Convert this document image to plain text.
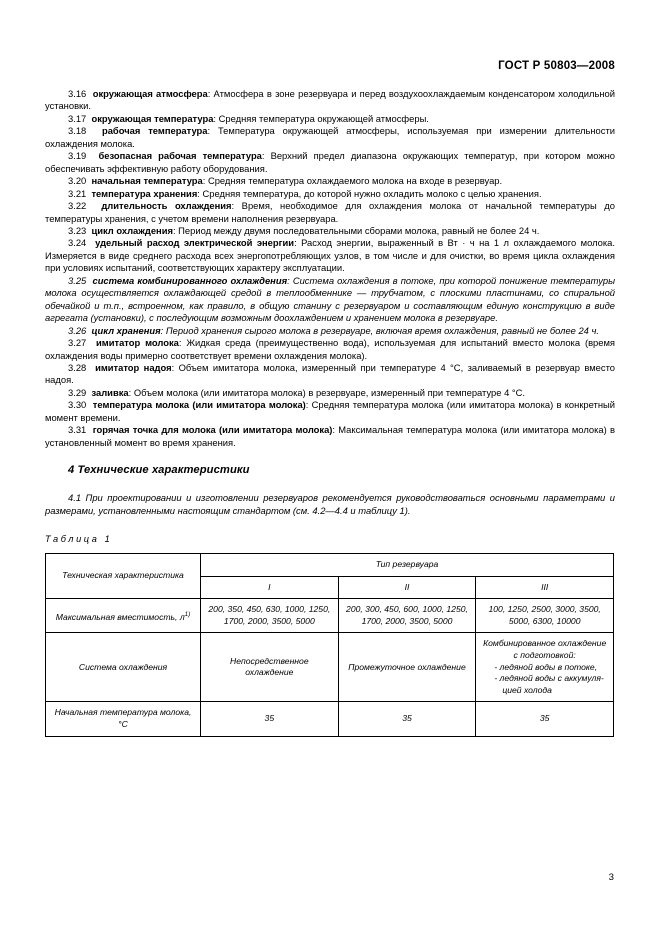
ГОСТ Р 50803—2008

3.16 окружающая атмосфера: Атмосфера в зоне резервуара и перед воздухоохлаждаемым конденсатором холодильной установки.

3.17 окружающая температура: Средняя температура окружающей атмосферы.

3.18 рабочая температура: Температура окружающей атмосферы, используемая при измерении длительности охлаждения молока.

3.19 безопасная рабочая температура: Верхний предел диапазона окружающих температур, при котором можно обеспечивать эффективную работу оборудования.

3.20 начальная температура: Средняя температура охлаждаемого молока на входе в резервуар.

3.21 температура хранения: Средняя температура, до которой нужно охладить молоко с целью хранения.

3.22 длительность охлаждения: Время, необходимое для охлаждения молока от начальной температуры до температуры хранения, с учетом времени наполнения резервуара.

3.23 цикл охлаждения: Период между двумя последовательными сборами молока, равный не более 24 ч.

3.24 удельный расход электрической энергии: Расход энергии, выраженный в Вт · ч на 1 л охлаждаемого молока. Измеряется в виде среднего расхода всех энергопотребляющих узлов, в том числе и для очистки, во время цикла охлаждения при условиях испытаний, соответствующих характеру эксплуатации.

3.25 система комбинированного охлаждения: Система охлаждения в потоке, при которой понижение температуры молока осуществляется охлаждающей средой в теплообменнике — трубчатом, с плоскими пластинами, со спиральной обечайкой и т.п., встроенном, как правило, в общую станину с резервуаром и составляющим единую конструкцию в виде агрегата (установки), с последующим возможным доохлаждением и хранением молока в резервуаре.

3.26 цикл хранения: Период хранения сырого молока в резервуаре, включая время охлаждения, равный не более 24 ч.

3.27 имитатор молока: Жидкая среда (преимущественно вода), используемая для испытаний вместо молока (время охлаждения воды примерно соответствует времени охлаждения молока).

3.28 имитатор надоя: Объем имитатора молока, измеренный при температуре 4 °С, заливаемый в резервуар вместо надоя.

3.29 заливка: Объем молока (или имитатора молока) в резервуаре, измеренный при температуре 4 °С.

3.30 температура молока (или имитатора молока): Средняя температура молока (или имитатора молока) в конкретный момент времени.

3.31 горячая точка для молока (или имитатора молока): Максимальная температура молока (или имитатора молока) в установленный момент во время хранения.

4 Технические характеристики

4.1 При проектировании и изготовлении резервуаров рекомендуется руководствоваться основными параметрами и размерами, установленными настоящим стандартом (см. 4.2—4.4 и таблицу 1).

Таблица 1

Техническая характеристика	Тип резервуара		
	I	II	III
Максимальная вместимость, $л^{1)}$	200, 350, 450, 630, 1000, 1250, 1700, 2000, 3500, 5000	200, 300, 450, 600, 1000, 1250, 1700, 2000, 3500, 5000	100, 1250, 2500, 3000, 3500, 5000, 6300, 10000
Система охлаждения	Непосредственное охлаждение	Промежуточное охлаждение	Комбинированное охлаждение с подготовкой:
- ледяной воды в потоке,
- ледяной воды с аккумуляцией холода

Начальная температура молока, °С	35	35	35
3
